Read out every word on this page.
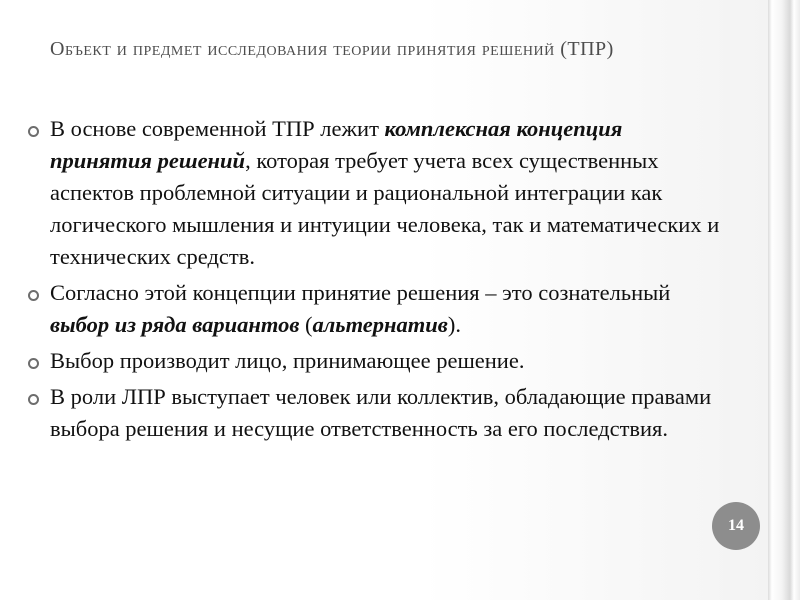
Объект и предмет исследования теории принятия решений (ТПР)
В основе современной ТПР лежит комплексная концепция принятия решений, которая требует учета всех существенных аспектов проблемной ситуации и рациональной интеграции как логического мышления и интуиции человека, так и математических и технических средств.
Согласно этой концепции принятие решения – это сознательный выбор из ряда вариантов (альтернатив).
Выбор производит лицо, принимающее решение.
В роли ЛПР выступает человек или коллектив, обладающие правами выбора решения и несущие ответственность за его последствия.
14
